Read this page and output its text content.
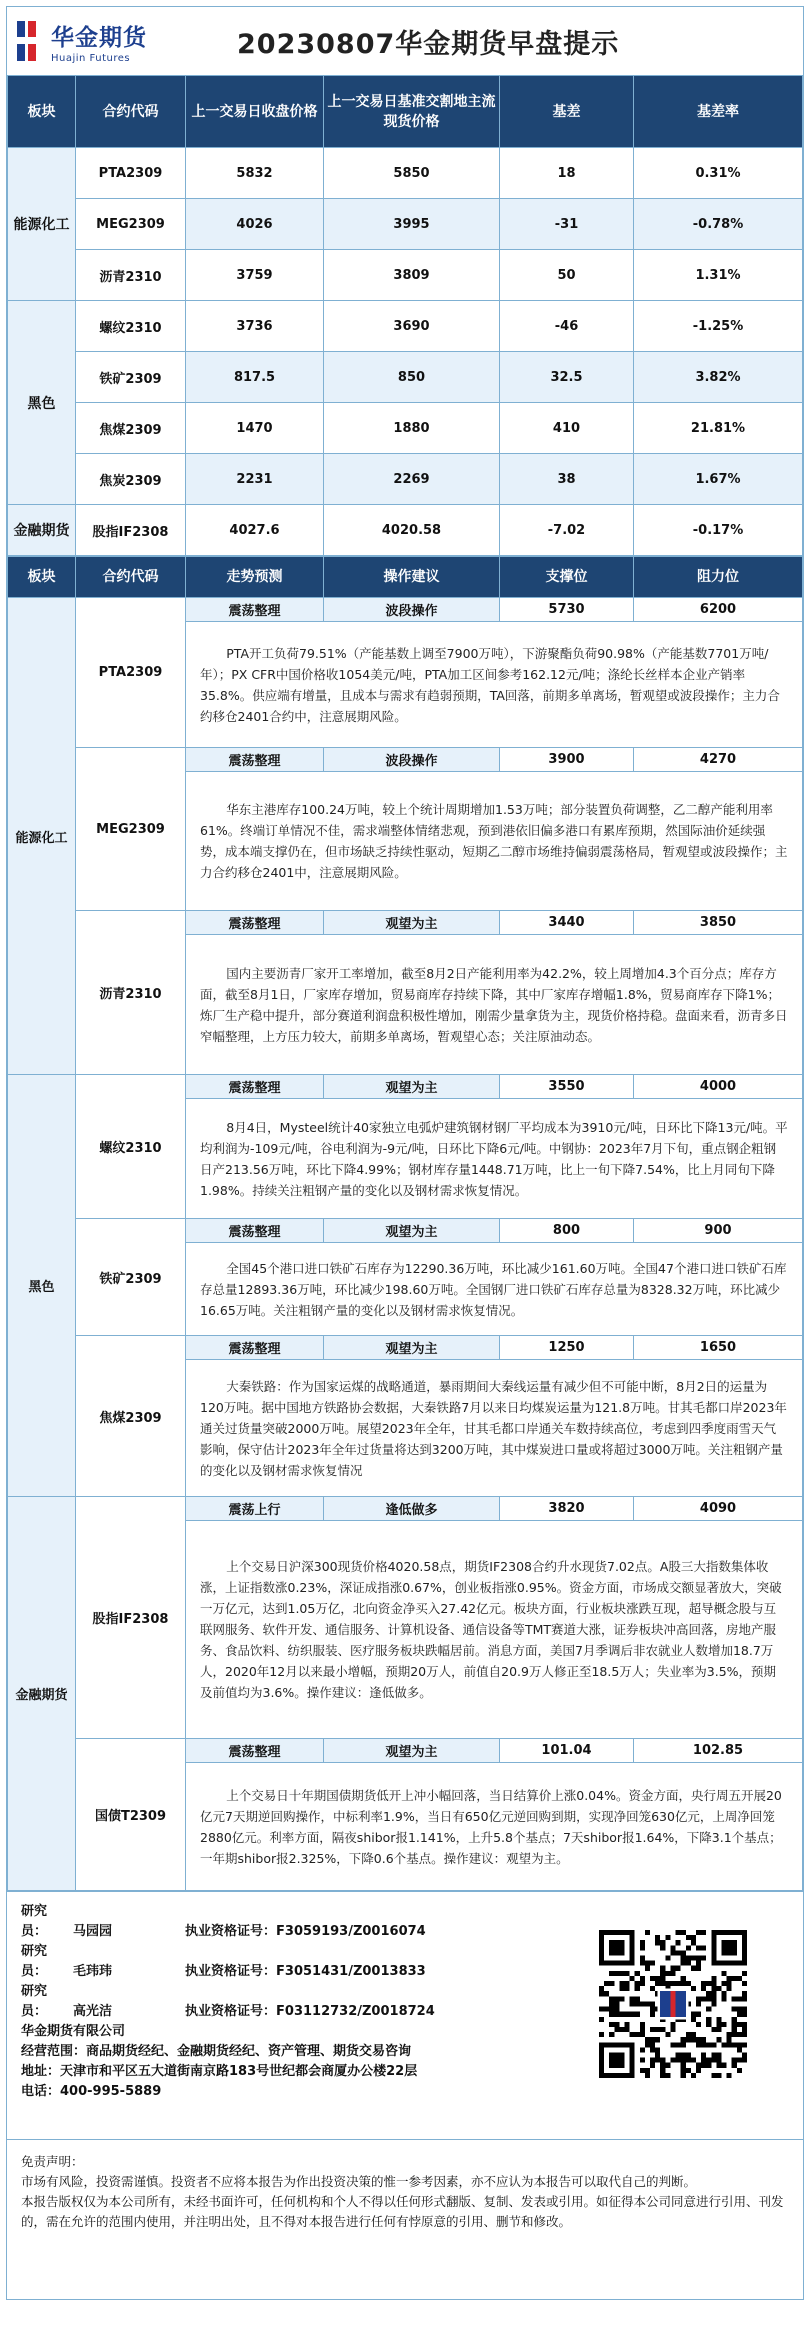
华金期货
Huajin Futures	20230807华金期货早盘提示
板块	合约代码	上一交易日收盘价格	上一交易日基准交割地主流现货价格	基差	基差率
能源化工	PTA2309	5832	5850	18	0.31%
	MEG2309	4026	3995	-31	-0.78%
	沥青2310	3759	3809	50	1.31%
黑色	螺纹2310	3736	3690	-46	-1.25%
	铁矿2309	817.5	850	32.5	3.82%
	焦煤2309	1470	1880	410	21.81%
	焦炭2309	2231	2269	38	1.67%
金融期货	股指IF2308	4027.6	4020.58	-7.02	-0.17%
板块	合约代码	走势预测	操作建议	支撑位	阻力位
能源化工	PTA2309	震荡整理	波段操作	5730	6200

		PTA开工负荷79.51%（产能基数上调至7900万吨），下游聚酯负荷90.98%（产能基数7701万吨/年）；PX CFR中国价格收1054美元/吨，PTA加工区间参考162.12元/吨；涤纶长丝样本企业产销率35.8%。供应端有增量，且成本与需求有趋弱预期，TA回落，前期多单离场，暂观望或波段操作；主力合约移仓2401合约中，注意展期风险。			

	MEG2309	震荡整理	波段操作	3900	4270

		华东主港库存100.24万吨，较上个统计周期增加1.53万吨；部分装置负荷调整，乙二醇产能利用率61%。终端订单情况不佳，需求端整体情绪悲观，预到港依旧偏多港口有累库预期，然国际油价延续强势，成本端支撑仍在，但市场缺乏持续性驱动，短期乙二醇市场维持偏弱震荡格局，暂观望或波段操作；主力合约移仓2401中，注意展期风险。			

	沥青2310	震荡整理	观望为主	3440	3850

		国内主要沥青厂家开工率增加，截至8月2日产能利用率为42.2%，较上周增加4.3个百分点；库存方面，截至8月1日，厂家库存增加，贸易商库存持续下降，其中厂家库存增幅1.8%，贸易商库存下降1%；炼厂生产稳中提升，部分赛道利润盘积极性增加，刚需少量拿货为主，现货价格持稳。盘面来看，沥青多日窄幅整理，上方压力较大，前期多单离场，暂观望心态；关注原油动态。			

黑色	螺纹2310	震荡整理	观望为主	3550	4000

		8月4日，Mysteel统计40家独立电弧炉建筑钢材钢厂平均成本为3910元/吨，日环比下降13元/吨。平均利润为-109元/吨，谷电利润为-9元/吨，日环比下降6元/吨。中钢协：2023年7月下旬，重点钢企粗钢日产213.56万吨，环比下降4.99%；钢材库存量1448.71万吨，比上一旬下降7.54%，比上月同旬下降1.98%。持续关注粗钢产量的变化以及钢材需求恢复情况。			

	铁矿2309	震荡整理	观望为主	800	900

		全国45个港口进口铁矿石库存为12290.36万吨，环比减少161.60万吨。全国47个港口进口铁矿石库存总量12893.36万吨，环比减少198.60万吨。全国钢厂进口铁矿石库存总量为8328.32万吨，环比减少16.65万吨。关注粗钢产量的变化以及钢材需求恢复情况。			

	焦煤2309	震荡整理	观望为主	1250	1650

		大秦铁路：作为国家运煤的战略通道，暴雨期间大秦线运量有减少但不可能中断，8月2日的运量为120万吨。据中国地方铁路协会数据，大秦铁路7月以来日均煤炭运量为121.8万吨。甘其毛都口岸2023年通关过货量突破2000万吨。展望2023年全年，甘其毛都口岸通关车数持续高位，考虑到四季度雨雪天气影响，保守估计2023年全年过货量将达到3200万吨，其中煤炭进口量或将超过3000万吨。关注粗钢产量的变化以及钢材需求恢复情况			

金融期货	股指IF2308	震荡上行	逢低做多	3820	4090

		上个交易日沪深300现货价格4020.58点，期货IF2308合约升水现货7.02点。A股三大指数集体收涨，上证指数涨0.23%，深证成指涨0.67%，创业板指涨0.95%。资金方面，市场成交额显著放大，突破一万亿元，达到1.05万亿，北向资金净买入27.42亿元。板块方面，行业板块涨跌互现，超导概念股与互联网服务、软件开发、通信服务、计算机设备、通信设备等TMT赛道大涨，证券板块冲高回落，房地产服务、食品饮料、纺织服装、医疗服务板块跌幅居前。消息方面，美国7月季调后非农就业人数增加18.7万人，2020年12月以来最小增幅，预期20万人，前值自20.9万人修正至18.5万人；失业率为3.5%，预期及前值均为3.6%。操作建议：逢低做多。			

	国债T2309	震荡整理	观望为主	101.04	102.85

		上个交易日十年期国债期货低开上冲小幅回落，当日结算价上涨0.04%。资金方面，央行周五开展20亿元7天期逆回购操作，中标利率1.9%，当日有650亿元逆回购到期，实现净回笼630亿元，上周净回笼2880亿元。利率方面，隔夜shibor报1.141%，上升5.8个基点；7天shibor报1.64%，下降3.1个基点；一年期shibor报2.325%，下降0.6个基点。操作建议：观望为主。			

研究员： 马园园	执业资格证号：F3059193/Z0016074
研究员： 毛玮玮	执业资格证号：F3051431/Z0013833
研究员： 高光洁	执业资格证号：F03112732/Z0018724
华金期货有限公司
经营范围：商品期货经纪、金融期货经纪、资产管理、期货交易咨询
地址：天津市和平区五大道街南京路183号世纪都会商厦办公楼22层
电话：400-995-5889
免责声明：
市场有风险，投资需谨慎。投资者不应将本报告为作出投资决策的惟一参考因素，亦不应认为本报告可以取代自己的判断。
本报告版权仅为本公司所有，未经书面许可，任何机构和个人不得以任何形式翻版、复制、发表或引用。如征得本公司同意进行引用、刊发的，需在允许的范围内使用，并注明出处，且不得对本报告进行任何有悖原意的引用、删节和修改。
